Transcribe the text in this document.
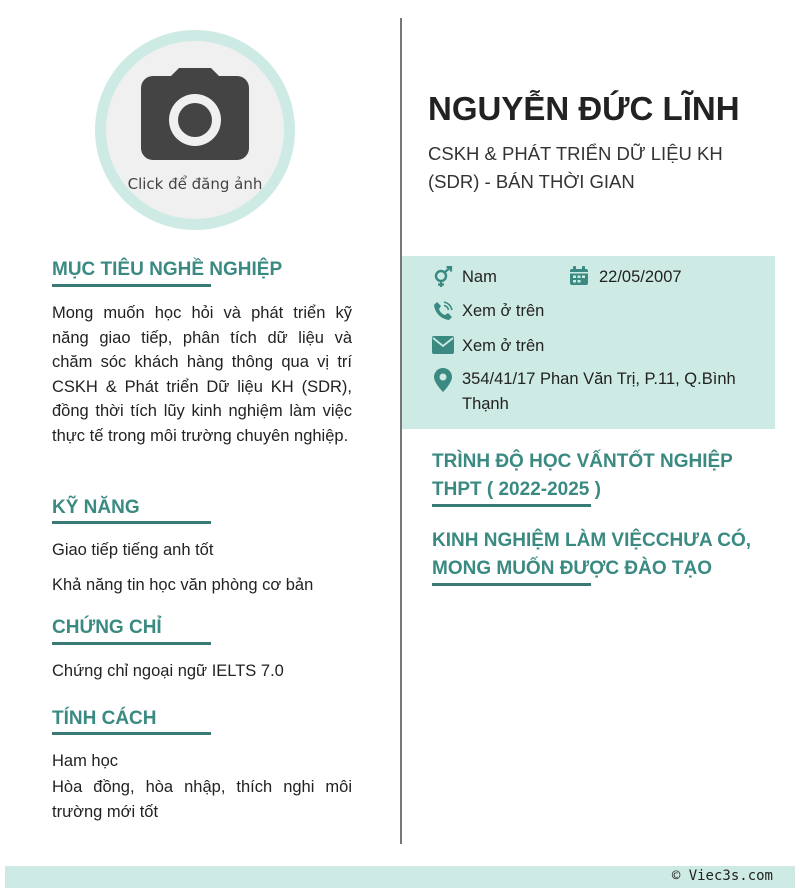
Click để đăng ảnh
MỤC TIÊU NGHỀ NGHIỆP
Mong muốn học hỏi và phát triển kỹ năng giao tiếp, phân tích dữ liệu và chăm sóc khách hàng thông qua vị trí CSKH & Phát triển Dữ liệu KH (SDR), đồng thời tích lũy kinh nghiệm làm việc thực tế trong môi trường chuyên nghiệp.
KỸ NĂNG
Giao tiếp tiếng anh tốt
Khả năng tin học văn phòng cơ bản
CHỨNG CHỈ
Chứng chỉ ngoại ngữ IELTS 7.0
TÍNH CÁCH
Ham học
Hòa đồng, hòa nhập, thích nghi môi trường mới tốt
NGUYỄN ĐỨC LĨNH
CSKH & PHÁT TRIỂN DỮ LIỆU KH (SDR) - BÁN THỜI GIAN
Nam	22/05/2007
Xem ở trên
Xem ở trên
354/41/17 Phan Văn Trị, P.11, Q.Bình Thạnh
TRÌNH ĐỘ HỌC VẤNTỐT NGHIỆP THPT ( 2022-2025 )
KINH NGHIỆM LÀM VIỆCCHƯA CÓ, MONG MUỐN ĐƯỢC ĐÀO TẠO
© Viec3s.com
